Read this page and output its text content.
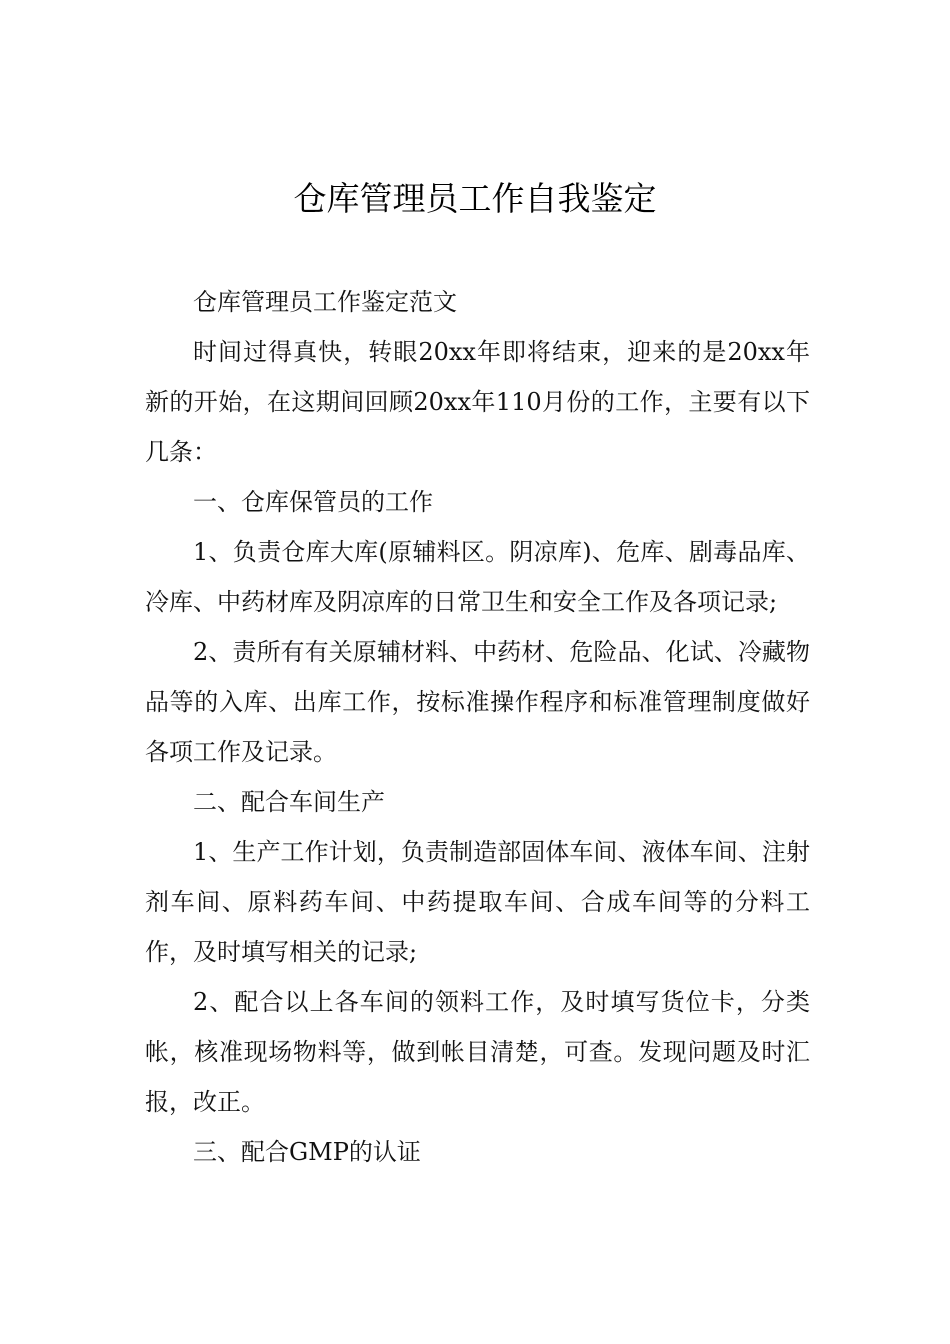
仓库管理员工作自我鉴定

仓库管理员工作鉴定范文

时间过得真快，转眼20xx年即将结束，迎来的是20xx年新的开始，在这期间回顾20xx年110月份的工作，主要有以下几条：

一、仓库保管员的工作

1、负责仓库大库(原辅料区。阴凉库)、危库、剧毒品库、冷库、中药材库及阴凉库的日常卫生和安全工作及各项记录;

2、责所有有关原辅材料、中药材、危险品、化试、冷藏物品等的入库、出库工作，按标准操作程序和标准管理制度做好各项工作及记录。

二、配合车间生产

1、生产工作计划，负责制造部固体车间、液体车间、注射剂车间、原料药车间、中药提取车间、合成车间等的分料工作，及时填写相关的记录;

2、配合以上各车间的领料工作，及时填写货位卡，分类帐，核准现场物料等，做到帐目清楚，可查。发现问题及时汇报，改正。

三、配合GMP的认证
